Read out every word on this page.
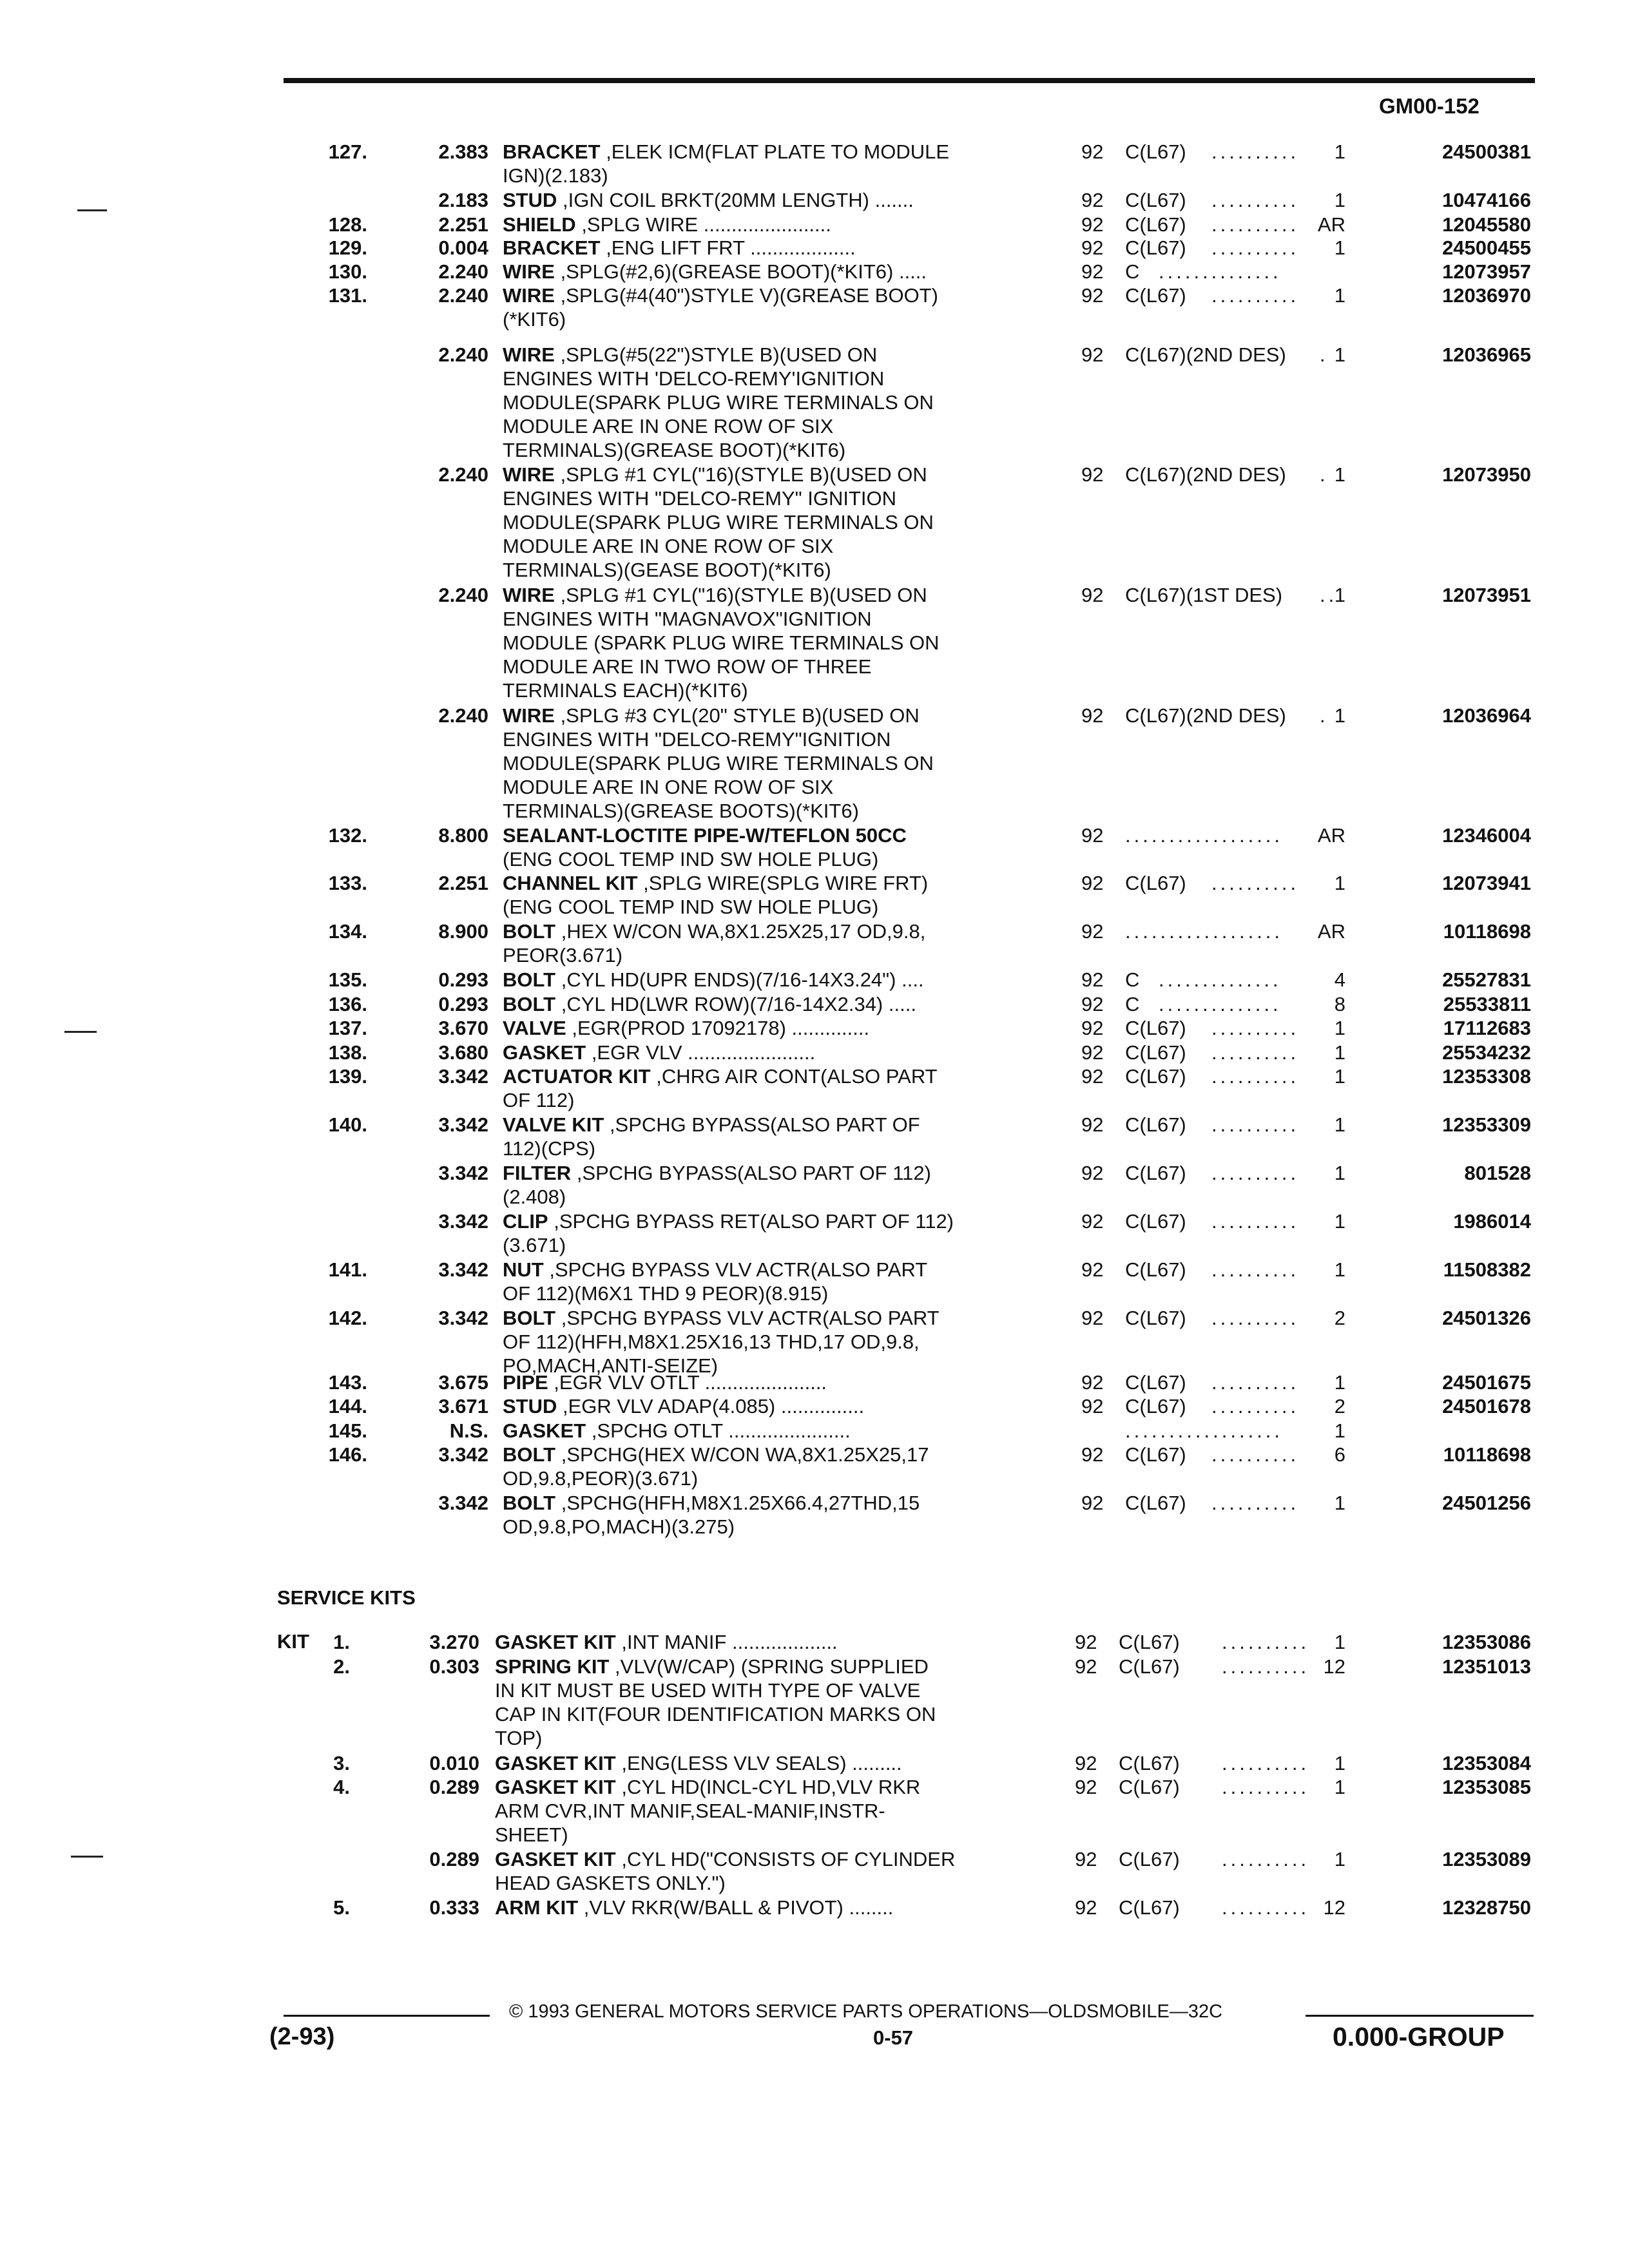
GM00-152
127.	2.383 BRACKET ,ELEK ICM(FLAT PLATE TO MODULE
IGN)(2.183)
92 C(L67) .......... 1	24500381
2.183 STUD ,IGN COIL BRKT(20MM LENGTH) .......	92 C(L67) .......... 1	10474166
128.	2.251 SHIELD ,SPLG WIRE .......................	92 C(L67) .......... AR	12045580
129.	0.004 BRACKET ,ENG LIFT FRT ...................	92 C(L67) .......... 1	24500455
130.	2.240 WIRE ,SPLG(#2,6)(GREASE BOOT)(*KIT6) .....	92 C ..............	12073957
131.	2.240 WIRE ,SPLG(#4(40")STYLE V)(GREASE BOOT)
(*KIT6)
92 C(L67) .......... 1	12036970
2.240 WIRE ,SPLG(#5(22")STYLE B)(USED ON
ENGINES WITH 'DELCO-REMY'IGNITION
MODULE(SPARK PLUG WIRE TERMINALS ON
MODULE ARE IN ONE ROW OF SIX
TERMINALS)(GREASE BOOT)(*KIT6)
92 C(L67)(2ND DES) . 1	12036965
2.240 WIRE ,SPLG #1 CYL("16)(STYLE B)(USED ON
ENGINES WITH "DELCO-REMY" IGNITION
MODULE(SPARK PLUG WIRE TERMINALS ON
MODULE ARE IN ONE ROW OF SIX
TERMINALS)(GEASE BOOT)(*KIT6)
92 C(L67)(2ND DES) . 1	12073950
2.240 WIRE ,SPLG #1 CYL("16)(STYLE B)(USED ON
ENGINES WITH "MAGNAVOX"IGNITION
MODULE (SPARK PLUG WIRE TERMINALS ON
MODULE ARE IN TWO ROW OF THREE
TERMINALS EACH)(*KIT6)
92 C(L67)(1ST DES) ..
1	12073951
2.240 WIRE ,SPLG #3 CYL(20" STYLE B)(USED ON
ENGINES WITH "DELCO-REMY"IGNITION
MODULE(SPARK PLUG WIRE TERMINALS ON
MODULE ARE IN ONE ROW OF SIX
TERMINALS)(GREASE BOOTS)(*KIT6)
92 C(L67)(2ND DES) . 1	12036964
132.	8.800 SEALANT-LOCTITE PIPE-W/TEFLON 50CC
(ENG COOL TEMP IND SW HOLE PLUG)
92 .................. AR	12346004
133.	2.251 CHANNEL KIT ,SPLG WIRE(SPLG WIRE FRT)
(ENG COOL TEMP IND SW HOLE PLUG)
92 C(L67) .......... 1	12073941
134.	8.900 BOLT ,HEX W/CON WA,8X1.25X25,17 OD,9.8,
PEOR(3.671)
92 .................. AR	10118698
135.	0.293 BOLT ,CYL HD(UPR ENDS)(7/16-14X3.24") ....	92 C ..............	4	25527831
136.	0.293 BOLT ,CYL HD(LWR ROW)(7/16-14X2.34) .....	92 C ..............	8	25533811
137.	3.670 VALVE ,EGR(PROD 17092178) ..............	92 C(L67) .......... 1	17112683
138.	3.680 GASKET ,EGR VLV .......................	92 C(L67) .......... 1	25534232
139.	3.342 ACTUATOR KIT ,CHRG AIR CONT(ALSO PART
OF 112)
92 C(L67) .......... 1	12353308
140.	3.342 VALVE KIT ,SPCHG BYPASS(ALSO PART OF
112)(CPS)
92 C(L67) .......... 1	12353309
3.342 FILTER ,SPCHG BYPASS(ALSO PART OF 112)
(2.408)
92 C(L67) .......... 1	801528
3.342 CLIP ,SPCHG BYPASS RET(ALSO PART OF 112)
(3.671)
92 C(L67) .......... 1	1986014
141.	3.342 NUT ,SPCHG BYPASS VLV ACTR(ALSO PART
OF 112)(M6X1 THD 9 PEOR)(8.915)
92 C(L67) .......... 1	11508382
142.	3.342 BOLT ,SPCHG BYPASS VLV ACTR(ALSO PART
OF 112)(HFH,M8X1.25X16,13 THD,17 OD,9.8,
PO,MACH,ANTI-SEIZE)
92 C(L67) .......... 2	24501326
143.	3.675 PIPE ,EGR VLV OTLT ......................	92 C(L67) .......... 1	24501675
144.	3.671 STUD ,EGR VLV ADAP(4.085) ...............	92 C(L67) .......... 2	24501678
145.	N.S. GASKET ,SPCHG OTLT ......................	..................	1
146.	3.342 BOLT ,SPCHG(HEX W/CON WA,8X1.25X25,17
OD,9.8,PEOR)(3.671)
92 C(L67) .......... 6	10118698
3.342 BOLT ,SPCHG(HFH,M8X1.25X66.4,27THD,15
OD,9.8,PO,MACH)(3.275)
92 C(L67) .......... 1	24501256
SERVICE KITS
KIT 1.	3.270 GASKET KIT ,INT MANIF ...................	92 C(L67) .......... 1	12353086
2.	0.303 SPRING KIT ,VLV(W/CAP) (SPRING SUPPLIED
IN KIT MUST BE USED WITH TYPE OF VALVE
CAP IN KIT(FOUR IDENTIFICATION MARKS ON
TOP)
92 C(L67) .......... 12	12351013
3.	0.010 GASKET KIT ,ENG(LESS VLV SEALS) .........	92 C(L67) .......... 1	12353084
4.	0.289 GASKET KIT ,CYL HD(INCL-CYL HD,VLV RKR
ARM CVR,INT MANIF,SEAL-MANIF,INSTR-
SHEET)
92 C(L67) .......... 1	12353085
0.289 GASKET KIT ,CYL HD("CONSISTS OF CYLINDER
HEAD GASKETS ONLY.")
92 C(L67) .......... 1	12353089
5.	0.333 ARM KIT ,VLV RKR(W/BALL & PIVOT) ........	92 C(L67) .......... 12	12328750
© 1993 GENERAL MOTORS SERVICE PARTS OPERATIONS—OLDSMOBILE—32C
(2-93)	0-57	0.000-GROUP
